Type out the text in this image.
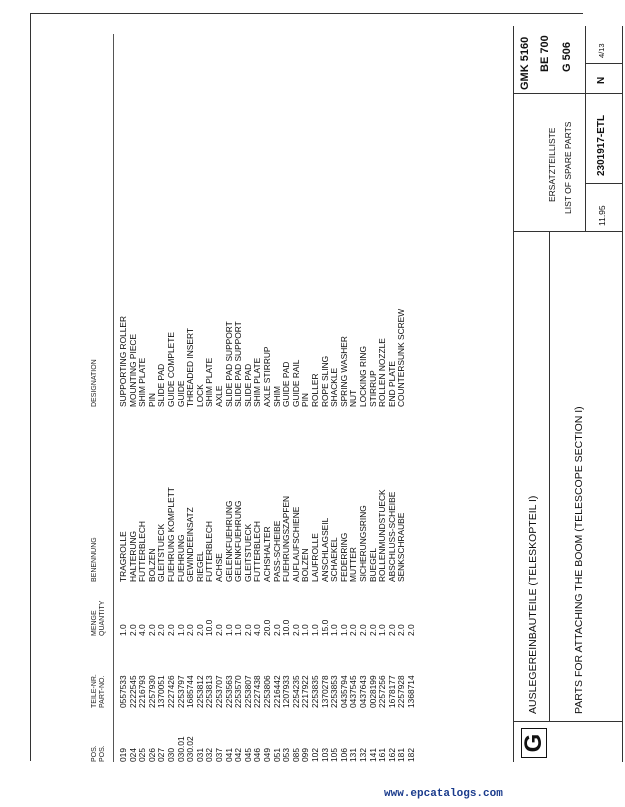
POS.
POS.
TEILE-NR.
PART-NO.
MENGE
QUANTITY
BENENNUNG
DESIGNATION
019
0557533
1.0
TRAGROLLE
SUPPORTING ROLLER
024
2222545
2.0
HALTERUNG
MOUNTING PIECE
025
2216793
4.0
FUTTERBLECH
SHIM PLATE
026
2257930
2.0
BOLZEN
PIN
027
1370051
2.0
GLEITSTUECK
SLIDE PAD
030
2227426
2.0
FUEHRUNG KOMPLETT
GUIDE COMPLETE
030.01
2253797
1.0
FUEHRUNG
GUIDE
030.02
1685744
2.0
GEWINDEEINSATZ
THREADED INSERT
031
2253812
2.0
RIEGEL
LOCK
032
2253813
10.0
FUTTERBLECH
SHIM PLATE
037
2253707
2.0
ACHSE
AXLE
041
2253563
1.0
GELENKFUEHRUNG
SLIDE PAD SUPPORT
042
2253570
1.0
GELENKFUEHRUNG
SLIDE PAD SUPPORT
045
2253807
2.0
GLEITSTUECK
SLIDE PAD
046
2227438
4.0
FUTTERBLECH
SHIM PLATE
049
2253806
20.0
ACHSHALTER
AXLE STIRRUP
051
2216442
2.0
PASS-SCHEIBE
SHIM
053
1207933
10.0
FUEHRUNGSZAPFEN
GUIDE PAD
085
2254235
2.0
AUFLAUFSCHIENE
GUIDE RAIL
099
2217922
1.0
BOLZEN
PIN
102
2253835
1.0
LAUFROLLE
ROLLER
103
1370278
15.0
ANSCHLAGSEIL
ROPE SLING
105
2253853
1.0
SCHAEKEL
SHACKLE
106
0435794
1.0
FEDERRING
SPRING WASHER
131
0437545
2.0
MUTTER
NUT
132
0437643
2.0
SICHERUNGSRING
LOCKING RING
141
0028199
2.0
BUEGEL
STIRRUP
161
2257256
1.0
ROLLENMUNDSTUECK
ROLLEN NOZZLE
162
1678177
2.0
ABSCHLUSS-SCHEIBE
END PLATE
181
2257928
2.0
SENKSCHRAUBE
COUNTERSUNK SCREW
182
1368714
2.0	AUSLEGEREINBAUTEILE (TELESKOPTEIL I)	PARTS FOR ATTACHING THE BOOM (TELESCOPE SECTION I)
ERSATZTEILLISTE LIST OF SPARE PARTS
11.95
2301917-ETL
N
4/13
GMK 5160 BE 700 G 506
G
www.epcatalogs.com
